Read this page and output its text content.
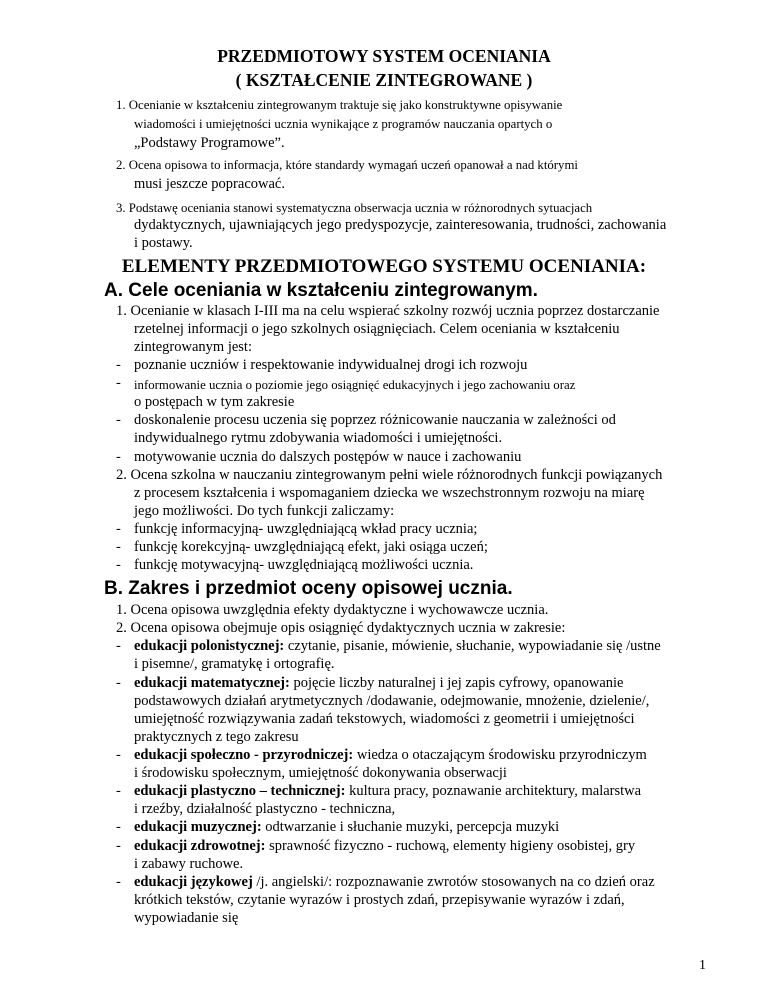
PRZEDMIOTOWY SYSTEM OCENIANIA
( KSZTAŁCENIE ZINTEGROWANE )
1. Ocenianie w kształceniu zintegrowanym traktuje się jako konstruktywne opisywanie
wiadomości i umiejętności ucznia wynikające z programów nauczania opartych o
„Podstawy Programowe”.
2. Ocena opisowa to informacja, które standardy wymagań uczeń opanował a nad którymi
musi jeszcze popracować.
3. Podstawę oceniania stanowi systematyczna obserwacja ucznia w różnorodnych sytuacjach
dydaktycznych, ujawniających jego predyspozycje, zainteresowania, trudności, zachowania
i postawy.
ELEMENTY PRZEDMIOTOWEGO SYSTEMU OCENIANIA:
A. Cele oceniania w kształceniu zintegrowanym.
1. Ocenianie w klasach I-III ma na celu wspierać szkolny rozwój ucznia poprzez dostarczanie
rzetelnej informacji o jego szkolnych osiągnięciach. Celem oceniania w kształceniu
zintegrowanym jest:
- poznanie uczniów i respektowanie indywidualnej drogi ich rozwoju
- informowanie ucznia o poziomie jego osiągnięć edukacyjnych i jego zachowaniu oraz
o postępach w tym zakresie
- doskonalenie procesu uczenia się poprzez różnicowanie nauczania w zależności od
indywidualnego rytmu zdobywania wiadomości i umiejętności.
- motywowanie ucznia do dalszych postępów w nauce i zachowaniu
2. Ocena szkolna w nauczaniu zintegrowanym pełni wiele różnorodnych funkcji powiązanych
z procesem kształcenia i wspomaganiem dziecka we wszechstronnym rozwoju na miarę
jego możliwości. Do tych funkcji zaliczamy:
- funkcję informacyjną- uwzględniającą wkład pracy ucznia;
- funkcję korekcyjną- uwzględniającą efekt, jaki osiąga uczeń;
- funkcję motywacyjną- uwzględniającą możliwości ucznia.
B. Zakres i przedmiot oceny opisowej ucznia.
1. Ocena opisowa uwzględnia efekty dydaktyczne i wychowawcze ucznia.
2. Ocena opisowa obejmuje opis osiągnięć dydaktycznych ucznia w zakresie:
- edukacji polonistycznej: czytanie, pisanie, mówienie, słuchanie, wypowiadanie się /ustne
i pisemne/, gramatykę i ortografię.
- edukacji matematycznej: pojęcie liczby naturalnej i jej zapis cyfrowy, opanowanie
podstawowych działań arytmetycznych /dodawanie, odejmowanie, mnożenie, dzielenie/,
umiejętność rozwiązywania zadań tekstowych, wiadomości z geometrii i umiejętności
praktycznych z tego zakresu
- edukacji społeczno - przyrodniczej: wiedza o otaczającym środowisku przyrodniczym
i środowisku społecznym, umiejętność dokonywania obserwacji
- edukacji plastyczno – technicznej: kultura pracy, poznawanie architektury, malarstwa
i rzeźby, działalność plastyczno - techniczna,
- edukacji muzycznej: odtwarzanie i słuchanie muzyki, percepcja muzyki
- edukacji zdrowotnej: sprawność fizyczno - ruchową, elementy higieny osobistej, gry
i zabawy ruchowe.
- edukacji językowej /j. angielski/: rozpoznawanie zwrotów stosowanych na co dzień oraz
krótkich tekstów, czytanie wyrazów i prostych zdań, przepisywanie wyrazów i zdań,
wypowiadanie się
1
